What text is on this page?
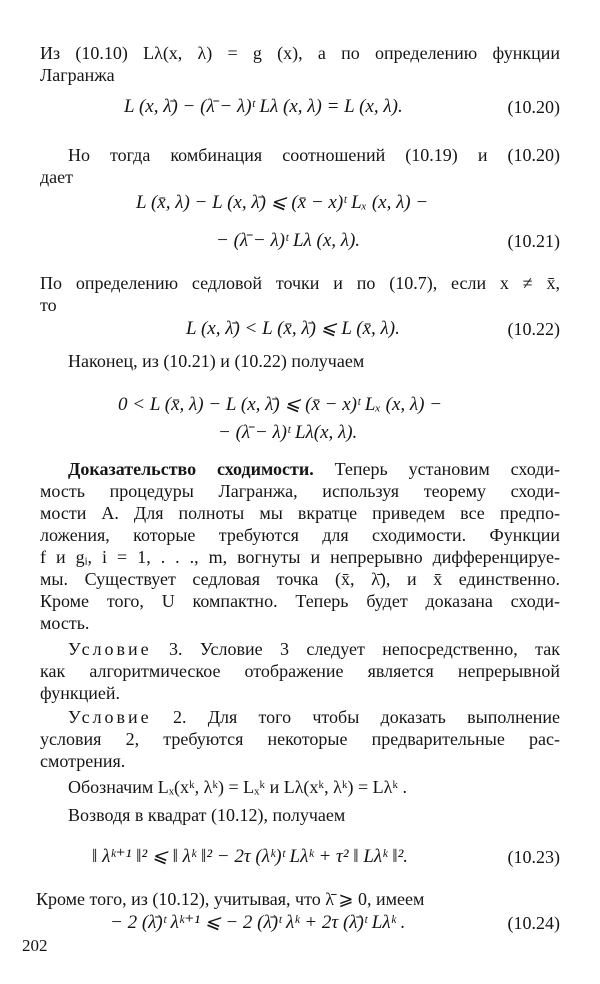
Из (10.10) Lλ(x, λ) = g (x), а по определению функции
Лагранжа
L (x, λ̄) − (λ̄ − λ)ᵗ Lλ (x, λ) = L (x, λ).	(10.20)
Но тогда комбинация соотношений (10.19) и (10.20)
дает
L (x̄, λ) − L (x, λ̄) ⩽ (x̄ − x)ᵗ Lₓ (x, λ) −
− (λ̄ − λ)ᵗ Lλ (x, λ).	(10.21)
По определению седловой точки и по (10.7), если x ≠ x̄,
то
L (x, λ̄) < L (x̄, λ̄) ⩽ L (x̄, λ).	(10.22)
Наконец, из (10.21) и (10.22) получаем
0 < L (x̄, λ) − L (x, λ̄) ⩽ (x̄ − x)ᵗ Lₓ (x, λ) −
− (λ̄ − λ)ᵗ Lλ(x, λ).
Доказательство сходимости. Теперь установим сходи-
мость процедуры Лагранжа, используя теорему сходи-
мости А. Для полноты мы вкратце приведем все предпо-
ложения, которые требуются для сходимости. Функции
f и gᵢ, i = 1, . . ., m, вогнуты и непрерывно дифференцируе-
мы. Существует седловая точка (x̄, λ̄), и x̄ единственно.
Кроме того, U компактно. Теперь будет доказана сходи-
мость.
Условие 3. Условие 3 следует непосредственно, так
как алгоритмическое отображение является непрерывной
функцией.
Условие 2. Для того чтобы доказать выполнение
условия 2, требуются некоторые предварительные рас-
смотрения.
Обозначим Lₓ(xᵏ, λᵏ) = Lₓᵏ и Lλ(xᵏ, λᵏ) = Lλᵏ .
Возводя в квадрат (10.12), получаем
‖ λᵏ⁺¹ ‖² ⩽ ‖ λᵏ ‖² − 2τ (λᵏ)ᵗ Lλᵏ + τ² ‖ Lλᵏ ‖².	(10.23)
Кроме того, из (10.12), учитывая, что λ̄ ⩾ 0, имеем
− 2 (λ̄)ᵗ λᵏ⁺¹ ⩽ − 2 (λ̄)ᵗ λᵏ + 2τ (λ̄)ᵗ Lλᵏ .	(10.24)
202
